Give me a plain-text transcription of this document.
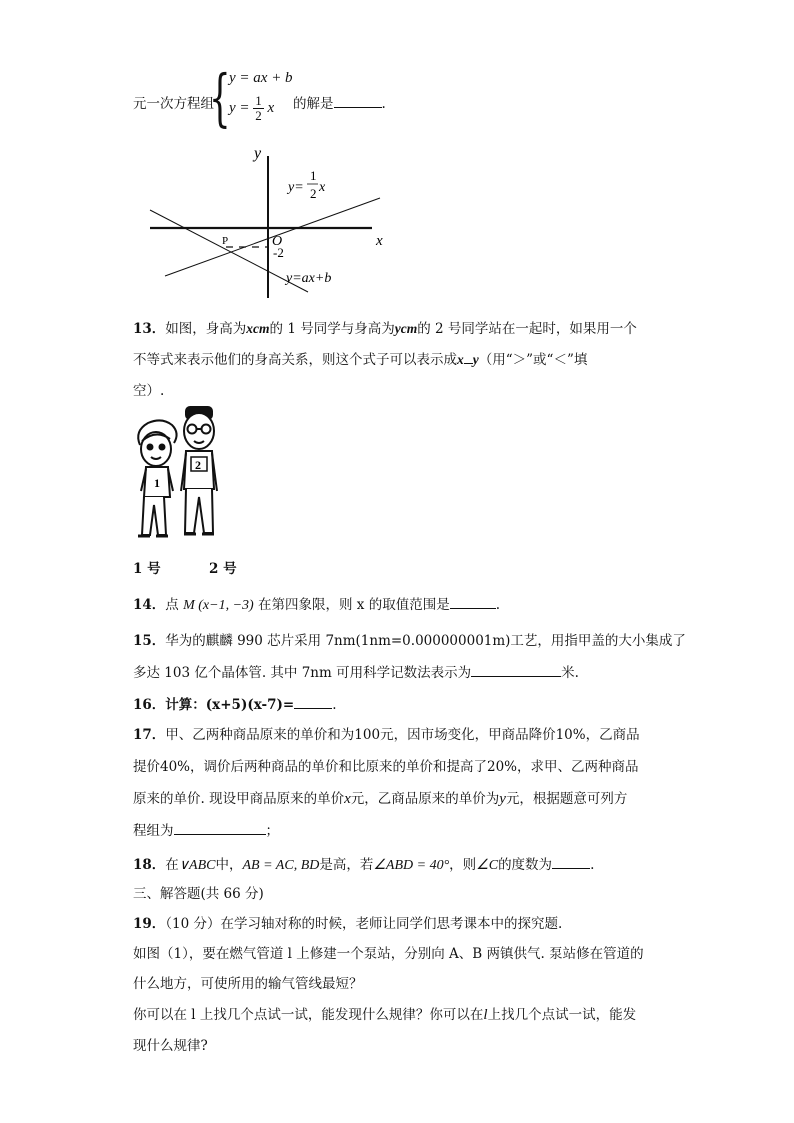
元一次方程组
{
y = ax + b
$y = \frac{1}{2}$ x 的解是	.
y
x
O
P
-2
y=
1
2 x
y=ax+b
13．如图，身高为xcm的 1 号同学与身高为ycm的 2 号同学站在一起时，如果用一个
不等式来表示他们的身高关系，则这个式子可以表示成x y（用“＞”或“＜”填
空）.
1
2
1 号	2 号
14．点 M (x−1, −3) 在第四象限，则 x 的取值范围是	.
15．华为的麒麟 990 芯片采用 7nm(1nm=0.000000001m)工艺，用指甲盖的大小集成了
多达 103 亿个晶体管. 其中 7nm 可用科学记数法表示为	米.
16．计算：(x+5)(x-7)=	.
17．甲、乙两种商品原来的单价和为100元，因市场变化，甲商品降价10%，乙商品
提价40%，调价后两种商品的单价和比原来的单价和提高了20%，求甲、乙两种商品
原来的单价. 现设甲商品原来的单价x元，乙商品原来的单价为y元，根据题意可列方
程组为	；
18．在∨ABC中，AB = AC, BD是高，若∠ABD = 40°，则∠C的度数为	.
三、解答题(共 66 分)
19．（10 分）在学习轴对称的时候，老师让同学们思考课本中的探究题.
如图（1），要在燃气管道 l 上修建一个泵站，分别向 A、B 两镇供气. 泵站修在管道的
什么地方，可使所用的输气管线最短？
你可以在 l 上找几个点试一试，能发现什么规律？你可以在l上找几个点试一试，能发
现什么规律?
